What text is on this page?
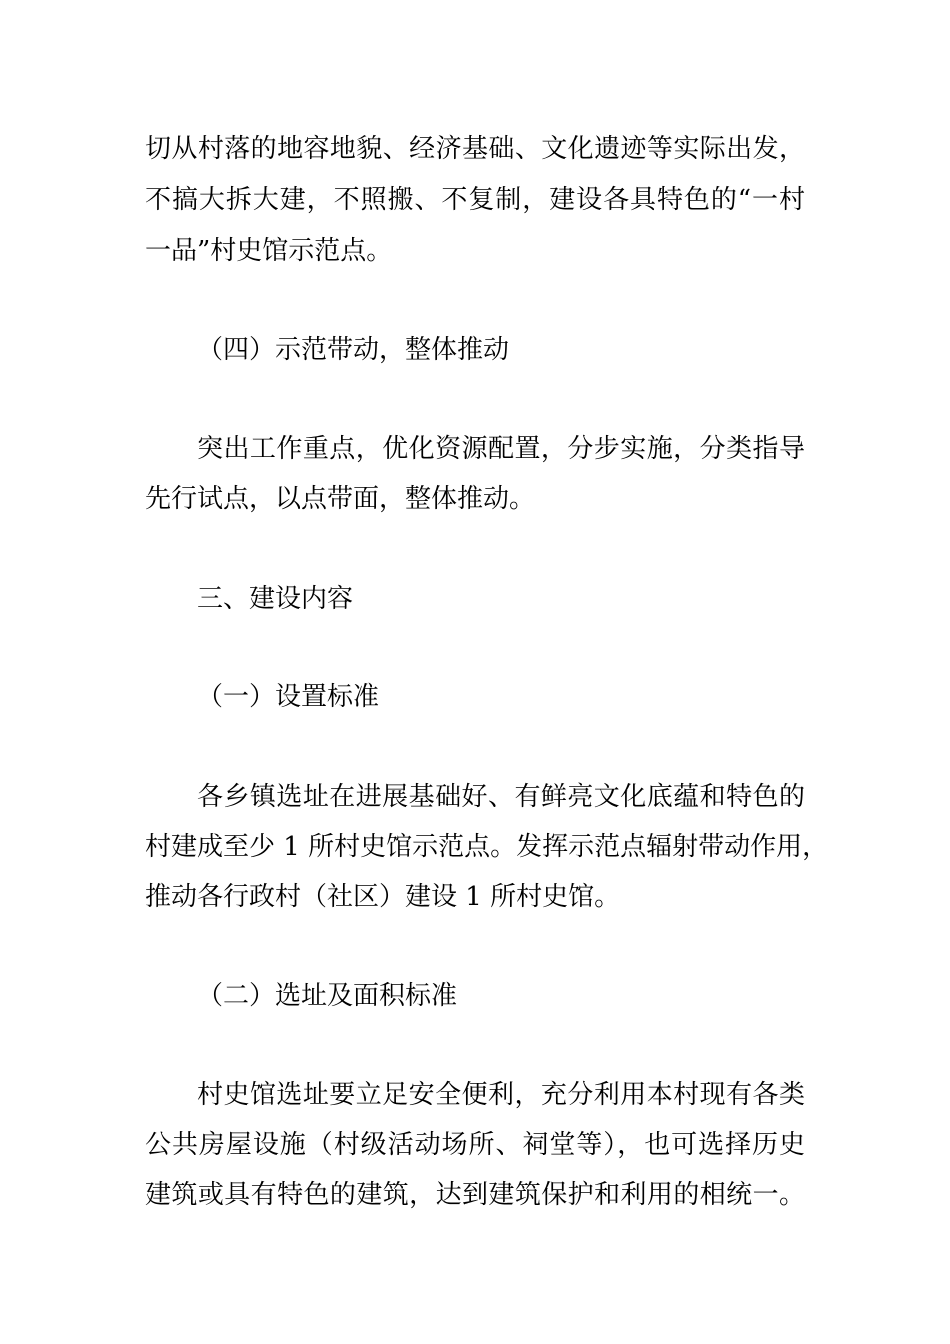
切从村落的地容地貌、经济基础、文化遗迹等实际出发，

不搞大拆大建，不照搬、不复制，建设各具特色的“一村

一品”村史馆示范点。

（四）示范带动，整体推动

突出工作重点，优化资源配置，分步实施，分类指导

先行试点，以点带面，整体推动。

三、建设内容

（一）设置标准

各乡镇选址在进展基础好、有鲜亮文化底蕴和特色的

村建成至少 1 所村史馆示范点。发挥示范点辐射带动作用，

推动各行政村（社区）建设 1 所村史馆。

（二）选址及面积标准

村史馆选址要立足安全便利，充分利用本村现有各类

公共房屋设施（村级活动场所、祠堂等），也可选择历史

建筑或具有特色的建筑，达到建筑保护和利用的相统一。
